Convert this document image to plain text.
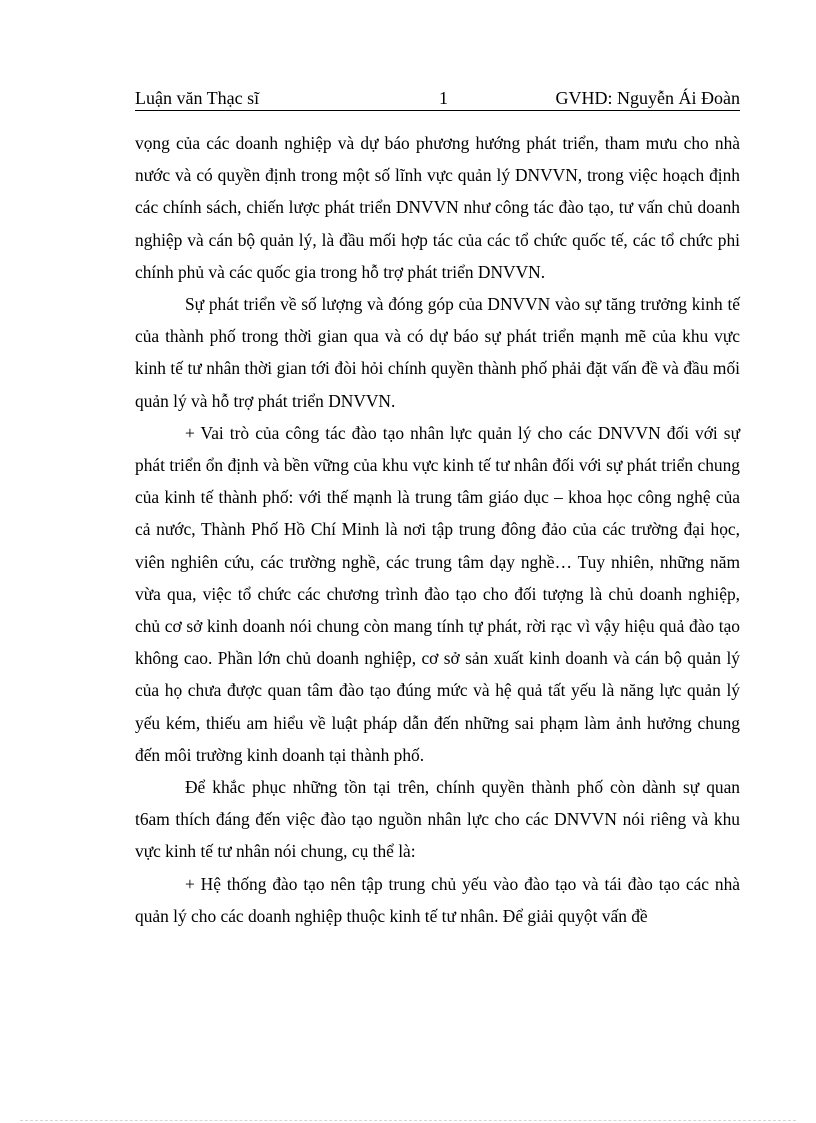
Luận văn Thạc sĩ	1	GVHD: Nguyễn Ái Đoàn

vọng của các doanh nghiệp và dự báo phương hướng phát triển, tham mưu cho nhà nước và có quyền định trong một số lĩnh vực quản lý DNVVN, trong việc hoạch định các chính sách, chiến lược phát triển DNVVN như công tác đào tạo, tư vấn chủ doanh nghiệp và cán bộ quản lý, là đầu mối hợp tác của các tổ chức quốc tế, các tổ chức phi chính phủ và các quốc gia trong hỗ trợ phát triển DNVVN.

Sự phát triển về số lượng và đóng góp của DNVVN vào sự tăng trưởng kinh tế của thành phố trong thời gian qua và có dự báo sự phát triển mạnh mẽ của khu vực kinh tế tư nhân thời gian tới đòi hỏi chính quyền thành phố phải đặt vấn đề và đầu mối quản lý và hỗ trợ phát triển DNVVN.

+ Vai trò của công tác đào tạo nhân lực quản lý cho các DNVVN đối với sự phát triển ổn định và bền vững của khu vực kinh tế tư nhân đối với sự phát triển chung của kinh tế thành phố: với thế mạnh là trung tâm giáo dục – khoa học công nghệ của cả nước, Thành Phố Hồ Chí Minh là nơi tập trung đông đảo của các trường đại học, viên nghiên cứu, các trường nghề, các trung tâm dạy nghề… Tuy nhiên, những năm vừa qua, việc tổ chức các chương trình đào tạo cho đối tượng là chủ doanh nghiệp, chủ cơ sở kinh doanh nói chung còn mang tính tự phát, rời rạc vì vậy hiệu quả đào tạo không cao. Phần lớn chủ doanh nghiệp, cơ sở sản xuất kinh doanh và cán bộ quản lý của họ chưa được quan tâm đào tạo đúng mức và hệ quả tất yếu là năng lực quản lý yếu kém, thiếu am hiểu về luật pháp dẫn đến những sai phạm làm ảnh hưởng chung đến môi trường kinh doanh tại thành phố.

Để khắc phục những tồn tại trên, chính quyền thành phố còn dành sự quan t6am thích đáng đến việc đào tạo nguồn nhân lực cho các DNVVN nói riêng và khu vực kinh tế tư nhân nói chung, cụ thể là:

+ Hệ thống đào tạo nên tập trung chủ yếu vào đào tạo và tái đào tạo các nhà quản lý cho các doanh nghiệp thuộc kinh tế tư nhân. Để giải quyột vấn đề
